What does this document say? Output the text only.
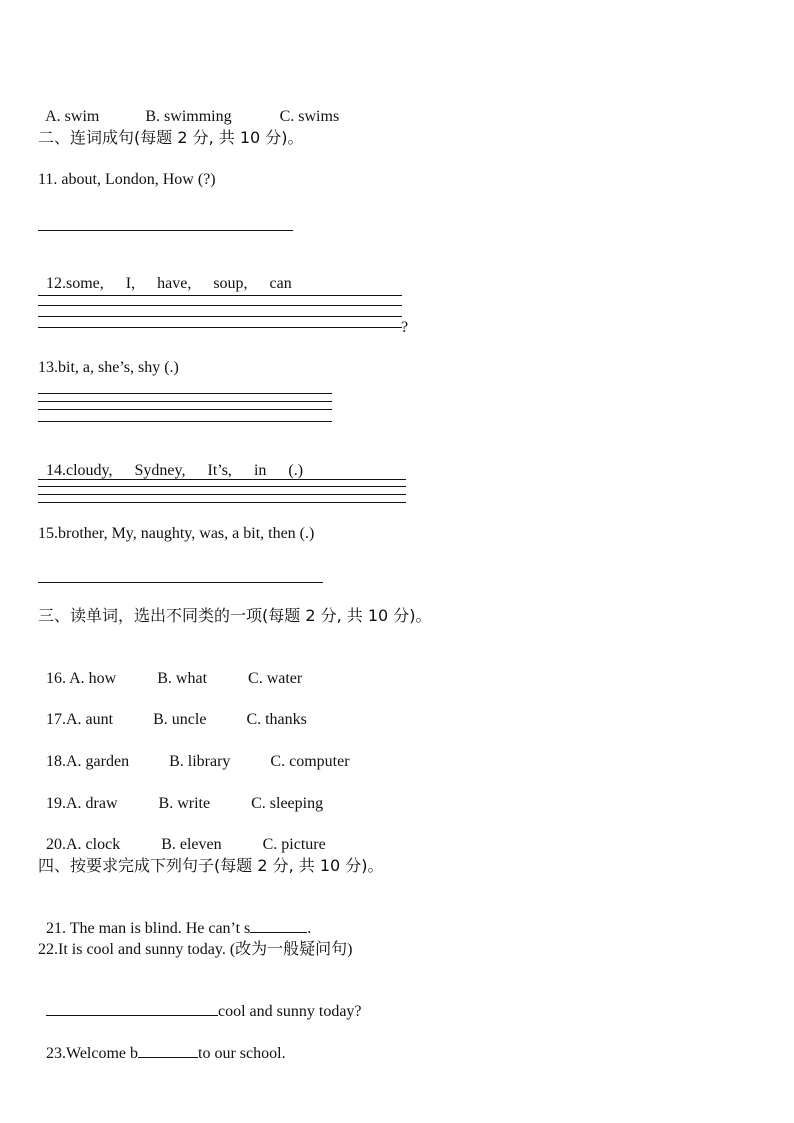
A. swim	B. swimming	C. swims

二、连词成句(每题 2 分, 共 10 分)。
11. about, London, How (?)

12.some, I, have, soup, can

?
13.bit, a, she’s, shy (.)

14.cloudy, Sydney, It’s, in (.)

15.brother, My, naughty, was, a bit, then (.)
三、读单词，选出不同类的一项(每题 2 分, 共 10 分)。

16. A. how	B. what	C. water

17.A. aunt	B. uncle	C. thanks

18.A. garden	B. library	C. computer

19.A. draw	B. write	C. sleeping

20.A. clock	B. eleven	C. picture

四、按要求完成下列句子(每题 2 分, 共 10 分)。

21. The man is blind. He can’t s	.

22.It is cool and sunny today. (改为一般疑问句)

cool and sunny today?

23.Welcome b	to our school.
